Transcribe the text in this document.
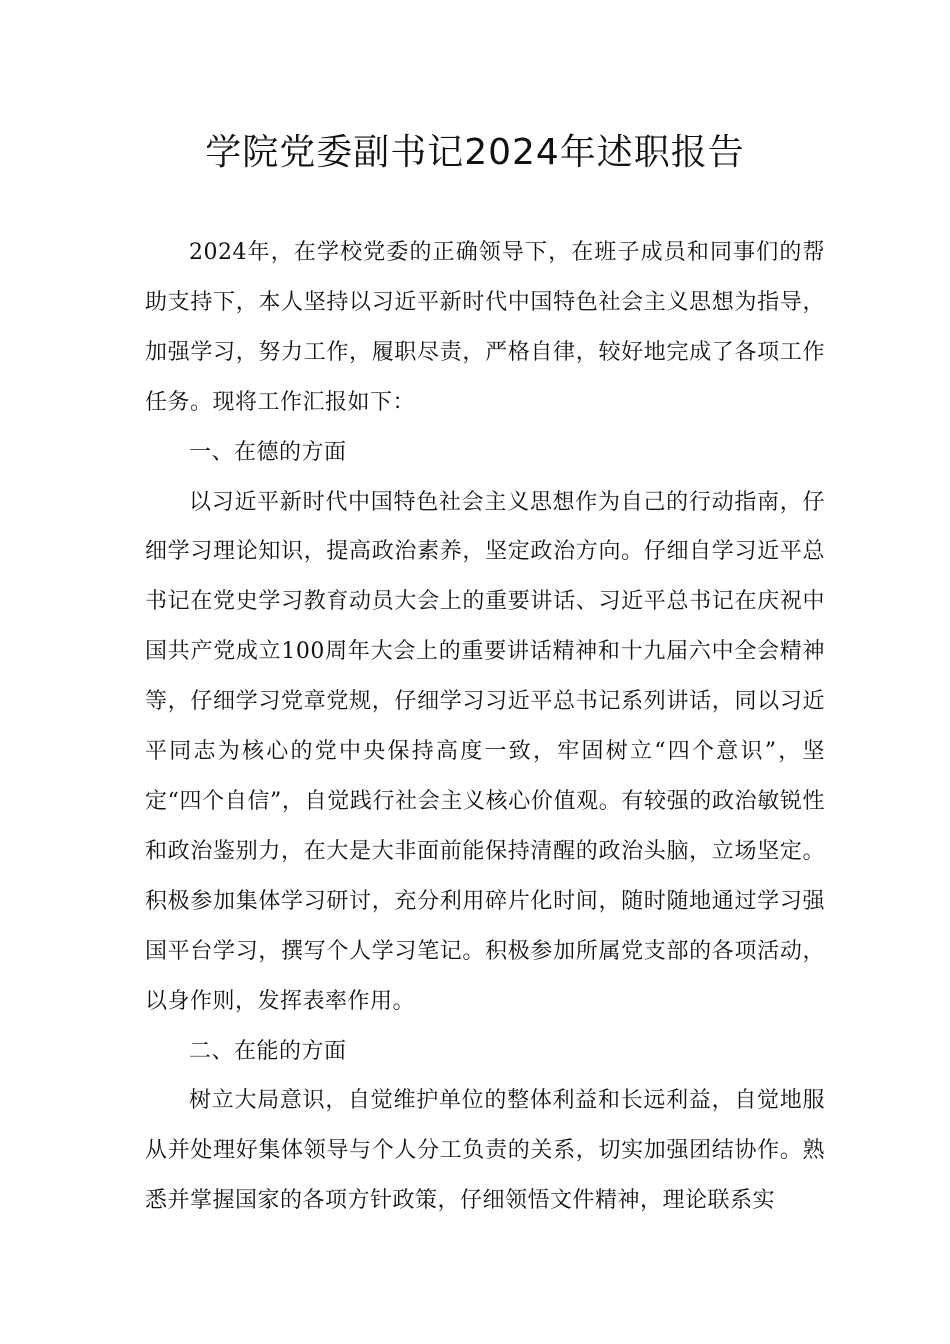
学院党委副书记2024年述职报告

2024年，在学校党委的正确领导下，在班子成员和同事们的帮助支持下，本人坚持以习近平新时代中国特色社会主义思想为指导，加强学习，努力工作，履职尽责，严格自律，较好地完成了各项工作任务。现将工作汇报如下：

一、在德的方面

以习近平新时代中国特色社会主义思想作为自己的行动指南，仔细学习理论知识，提高政治素养，坚定政治方向。仔细自学习近平总书记在党史学习教育动员大会上的重要讲话、习近平总书记在庆祝中国共产党成立100周年大会上的重要讲话精神和十九届六中全会精神等，仔细学习党章党规，仔细学习习近平总书记系列讲话，同以习近平同志为核心的党中央保持高度一致，牢固树立“四个意识”，坚定“四个自信”，自觉践行社会主义核心价值观。有较强的政治敏锐性和政治鉴别力，在大是大非面前能保持清醒的政治头脑，立场坚定。积极参加集体学习研讨，充分利用碎片化时间，随时随地通过学习强国平台学习，撰写个人学习笔记。积极参加所属党支部的各项活动，以身作则，发挥表率作用。

二、在能的方面

树立大局意识，自觉维护单位的整体利益和长远利益，自觉地服从并处理好集体领导与个人分工负责的关系，切实加强团结协作。熟悉并掌握国家的各项方针政策，仔细领悟文件精神，理论联系实
